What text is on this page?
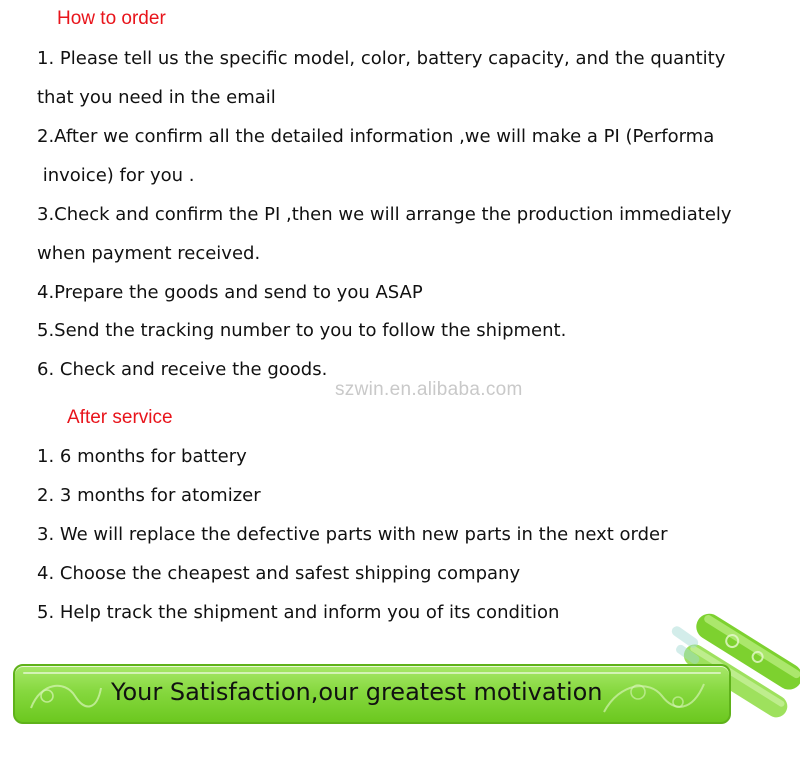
How to order
1. Please tell us the specific model, color, battery capacity, and the quantity
that you need in the email
2.After we confirm all the detailed information ,we will make a PI (Performa
invoice) for you .
3.Check and confirm the PI ,then we will arrange the production immediately
when payment received.
4.Prepare the goods and send to you ASAP
5.Send the tracking number to you to follow the shipment.
6. Check and receive the goods.
szwin.en.alibaba.com
After service
1. 6 months for battery
2. 3 months for atomizer
3. We will replace the defective parts with new parts in the next order
4. Choose the cheapest and safest shipping company
5. Help track the shipment and inform you of its condition
Your Satisfaction,our greatest motivation
